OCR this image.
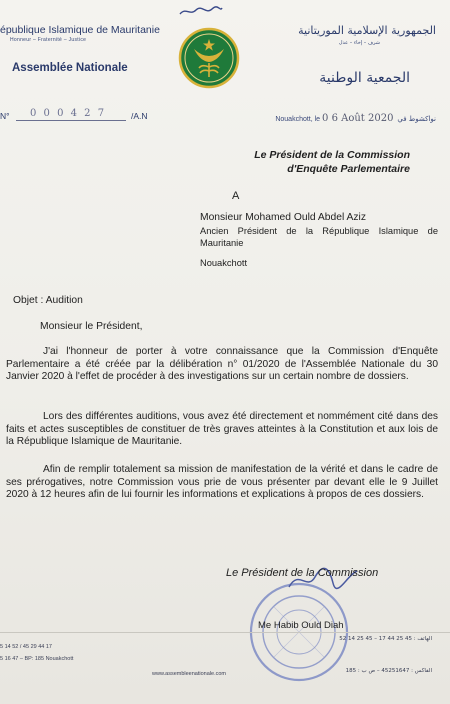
épublique Islamique de Mauritanie
Honneur – Fraternité – Justice
Assemblée Nationale
الجمهورية الإسلامية الموريتانية
شرف – إخاء – عدل
الجمعية الوطنية
N° 0 0 0 4 2 7	/A.N	Nouakchott, le 0 6 Août 2020 نواكشوط في
Le Président de la Commission
d'Enquête Parlementaire
A
Monsieur Mohamed Ould Abdel Aziz
Ancien Président de la République Islamique de Mauritanie
Nouakchott
Objet : Audition
Monsieur le Président,
J'ai l'honneur de porter à votre connaissance que la Commission d'Enquête Parlementaire a été créée par la délibération n° 01/2020 de l'Assemblée Nationale du 30 Janvier 2020 à l'effet de procéder à des investigations sur un certain nombre de dossiers.
Lors des différentes auditions, vous avez été directement et nommément cité dans des faits et actes susceptibles de constituer de très graves atteintes à la Constitution et aux lois de la République Islamique de Mauritanie.
Afin de remplir totalement sa mission de manifestation de la vérité et dans le cadre de ses prérogatives, notre Commission vous prie de vous présenter par devant elle le 9 Juillet 2020 à 12 heures afin de lui fournir les informations et explications à propos de ces dossiers.
Le Président de la Commission
Me Habib Ould Diah
5 14 52 / 45 29 44 17
5 16 47 – BP: 185 Nouakchott
www.assembleenationale.com
الهاتف : 45 25 44 17 – 45 25 14 52
الفاكس : 45251647 – ص ب : 185
